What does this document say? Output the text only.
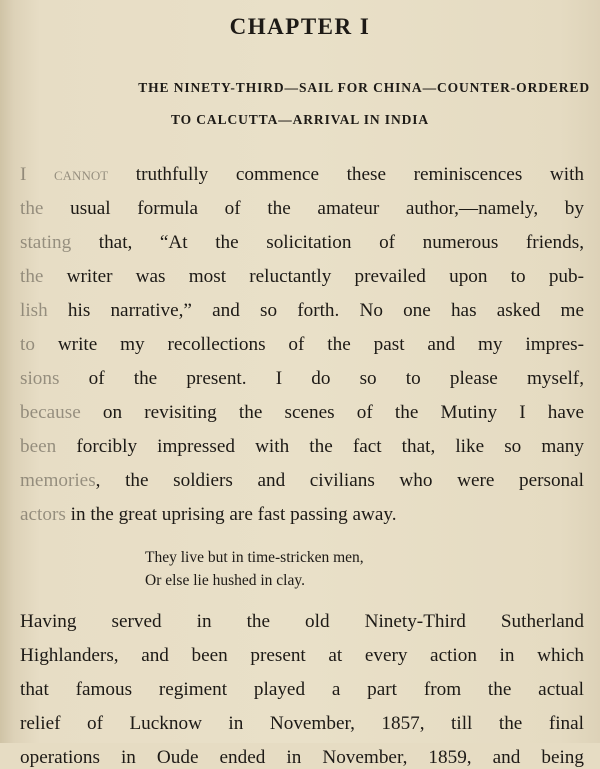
CHAPTER I
THE NINETY-THIRD—SAIL FOR CHINA—COUNTER-ORDERED
TO CALCUTTA—ARRIVAL IN INDIA
I cannot truthfully commence these reminiscences with
the usual formula of the amateur author,—namely, by
stating that, “At the solicitation of numerous friends,
the writer was most reluctantly prevailed upon to pub-
lish his narrative,” and so forth. No one has asked me
to write my recollections of the past and my impres-
sions of the present. I do so to please myself,
because on revisiting the scenes of the Mutiny I have
been forcibly impressed with the fact that, like so many
memories, the soldiers and civilians who were personal
actors in the great uprising are fast passing away.
They live but in time-stricken men,
Or else lie hushed in clay.
Having served in the old Ninety-Third Sutherland
Highlanders, and been present at every action in which
that famous regiment played a part from the actual
relief of Lucknow in November, 1857, till the final
operations in Oude ended in November, 1859, and being
